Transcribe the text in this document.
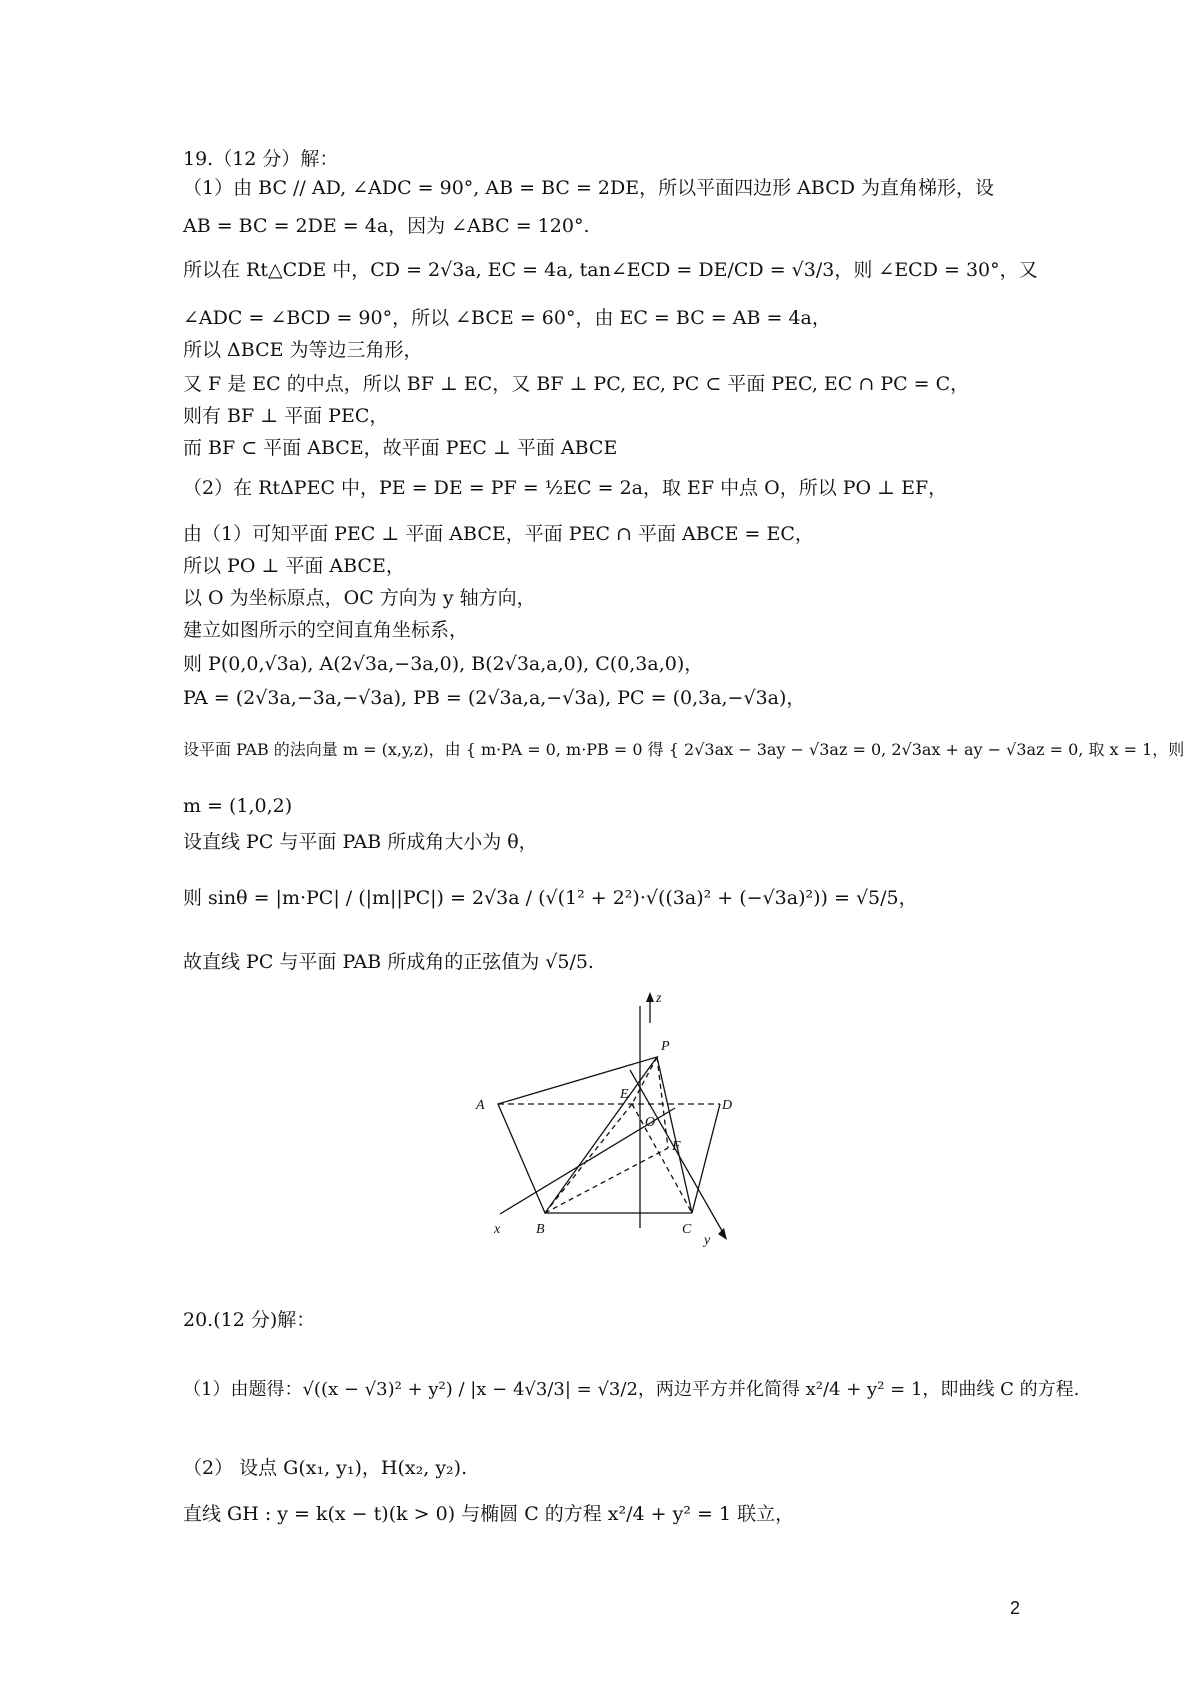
19.（12 分）解：
（1）由 BC // AD, ∠ADC = 90°, AB = BC = 2DE，所以平面四边形 ABCD 为直角梯形，设
AB = BC = 2DE = 4a，因为 ∠ABC = 120°.
所以在 Rt△CDE 中，CD = 2√3a, EC = 4a, tan∠ECD = DE/CD = √3/3，则 ∠ECD = 30°，又
∠ADC = ∠BCD = 90°，所以 ∠BCE = 60°，由 EC = BC = AB = 4a，
所以 ΔBCE 为等边三角形，
又 F 是 EC 的中点，所以 BF ⊥ EC，又 BF ⊥ PC, EC, PC ⊂ 平面 PEC, EC ∩ PC = C，
则有 BF ⊥ 平面 PEC，
而 BF ⊂ 平面 ABCE，故平面 PEC ⊥ 平面 ABCE
（2）在 RtΔPEC 中，PE = DE = PF = ½EC = 2a，取 EF 中点 O，所以 PO ⊥ EF，
由（1）可知平面 PEC ⊥ 平面 ABCE，平面 PEC ∩ 平面 ABCE = EC，
所以 PO ⊥ 平面 ABCE，
以 O 为坐标原点，OC 方向为 y 轴方向，
建立如图所示的空间直角坐标系，
则 P(0,0,√3a), A(2√3a,−3a,0), B(2√3a,a,0), C(0,3a,0)，
PA = (2√3a,−3a,−√3a), PB = (2√3a,a,−√3a), PC = (0,3a,−√3a)，
设平面 PAB 的法向量 m = (x,y,z)，由 { m·PA = 0, m·PB = 0 得 { 2√3ax − 3ay − √3az = 0, 2√3ax + ay − √3az = 0, 取 x = 1，则
m = (1,0,2)
设直线 PC 与平面 PAB 所成角大小为 θ，
则 sinθ = |m·PC| / (|m||PC|) = 2√3a / (√(1² + 2²)·√((3a)² + (−√3a)²)) = √5/5，
故直线 PC 与平面 PAB 所成角的正弦值为 √5/5.
z
P
A	D
E
O
F
x	B	C
y
20.(12 分)解：
（1）由题得：√((x − √3)² + y²) / |x − 4√3/3| = √3/2，两边平方并化简得 x²/4 + y² = 1，即曲线 C 的方程.
（2） 设点 G(x₁, y₁)，H(x₂, y₂).
直线 GH : y = k(x − t)(k > 0) 与椭圆 C 的方程 x²/4 + y² = 1 联立，
2
